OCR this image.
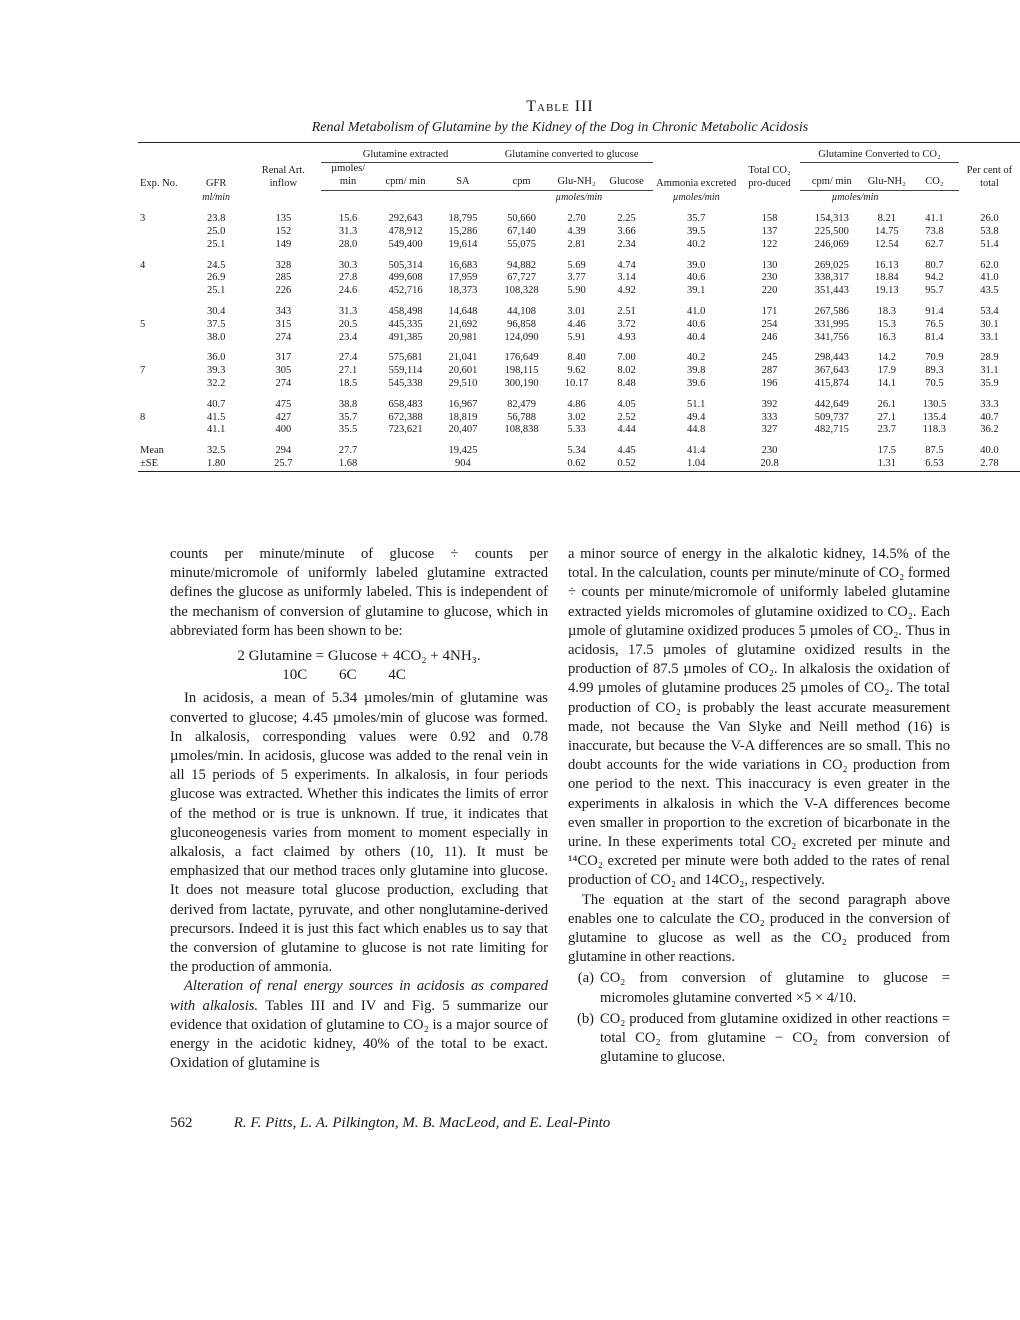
Table III
Renal Metabolism of Glutamine by the Kidney of the Dog in Chronic Metabolic Acidosis
Exp. No.	GFR	Renal Art. inflow	Glutamine extracted			Glutamine converted to glucose			Ammonia excreted	Total CO₂ pro-duced	Glutamine Converted to CO₂			Per cent of total
			µmoles/ min	cpm/ min	SA	cpm	Glu-NH₂	Glucose			cpm/ min	Glu-NH₂	CO₂	
	ml/min						µmoles/min		µmoles/min		µmoles/min			
3	23.8	135	15.6	292,643	18,795	50,660	2.70	2.25	35.7	158	154,313	8.21	41.1	26.0
	25.0	152	31.3	478,912	15,286	67,140	4.39	3.66	39.5	137	225,500	14.75	73.8	53.8
	25.1	149	28.0	549,400	19,614	55,075	2.81	2.34	40.2	122	246,069	12.54	62.7	51.4
4	24.5	328	30.3	505,314	16,683	94,882	5.69	4.74	39.0	130	269,025	16.13	80.7	62.0
	26.9	285	27.8	499,608	17,959	67,727	3.77	3.14	40.6	230	338,317	18.84	94.2	41.0
	25.1	226	24.6	452,716	18,373	108,328	5.90	4.92	39.1	220	351,443	19.13	95.7	43.5
	30.4	343	31.3	458,498	14,648	44,108	3.01	2.51	41.0	171	267,586	18.3	91.4	53.4
5	37.5	315	20.5	445,335	21,692	96,858	4.46	3.72	40.6	254	331,995	15.3	76.5	30.1
	38.0	274	23.4	491,385	20,981	124,090	5.91	4.93	40.4	246	341,756	16.3	81.4	33.1
	36.0	317	27.4	575,681	21,041	176,649	8.40	7.00	40.2	245	298,443	14.2	70.9	28.9
7	39.3	305	27.1	559,114	20,601	198,115	9.62	8.02	39.8	287	367,643	17.9	89.3	31.1
	32.2	274	18.5	545,338	29,510	300,190	10.17	8.48	39.6	196	415,874	14.1	70.5	35.9
	40.7	475	38.8	658,483	16,967	82,479	4.86	4.05	51.1	392	442,649	26.1	130.5	33.3
8	41.5	427	35.7	672,388	18,819	56,788	3.02	2.52	49.4	333	509,737	27.1	135.4	40.7
	41.1	400	35.5	723,621	20,407	108,838	5.33	4.44	44.8	327	482,715	23.7	118.3	36.2
Mean	32.5	294	27.7		19,425		5.34	4.45	41.4	230		17.5	87.5	40.0
±SE	1.80	25.7	1.68		904		0.62	0.52	1.04	20.8		1.31	6.53	2.78

counts per minute/minute of glucose ÷ counts per minute/micromole of uniformly labeled glutamine extracted defines the glucose as uniformly labeled. This is independent of the mechanism of conversion of glutamine to glucose, which in abbreviated form has been shown to be:

2 Glutamine = Glucose + 4CO₂ + 4NH₃.
10C 6C 4C

In acidosis, a mean of 5.34 µmoles/min of glutamine was converted to glucose; 4.45 µmoles/min of glucose was formed. In alkalosis, corresponding values were 0.92 and 0.78 µmoles/min. In acidosis, glucose was added to the renal vein in all 15 periods of 5 experiments. In alkalosis, in four periods glucose was extracted. Whether this indicates the limits of error of the method or is true is unknown. If true, it indicates that gluconeogenesis varies from moment to moment especially in alkalosis, a fact claimed by others (10, 11). It must be emphasized that our method traces only glutamine into glucose. It does not measure total glucose production, excluding that derived from lactate, pyruvate, and other nonglutamine-derived precursors. Indeed it is just this fact which enables us to say that the conversion of glutamine to glucose is not rate limiting for the production of ammonia.

Alteration of renal energy sources in acidosis as compared with alkalosis. Tables III and IV and Fig. 5 summarize our evidence that oxidation of glutamine to CO₂ is a major source of energy in the acidotic kidney, 40% of the total to be exact. Oxidation of glutamine is

a minor source of energy in the alkalotic kidney, 14.5% of the total. In the calculation, counts per minute/minute of CO₂ formed ÷ counts per minute/micromole of uniformly labeled glutamine extracted yields micromoles of glutamine oxidized to CO₂. Each µmole of glutamine oxidized produces 5 µmoles of CO₂. Thus in acidosis, 17.5 µmoles of glutamine oxidized results in the production of 87.5 µmoles of CO₂. In alkalosis the oxidation of 4.99 µmoles of glutamine produces 25 µmoles of CO₂. The total production of CO₂ is probably the least accurate measurement made, not because the Van Slyke and Neill method (16) is inaccurate, but because the V-A differences are so small. This no doubt accounts for the wide variations in CO₂ production from one period to the next. This inaccuracy is even greater in the experiments in alkalosis in which the V-A differences become even smaller in proportion to the excretion of bicarbonate in the urine. In these experiments total CO₂ excreted per minute and ¹⁴CO₂ excreted per minute were both added to the rates of renal production of CO₂ and 14CO₂, respectively.

The equation at the start of the second paragraph above enables one to calculate the CO₂ produced in the conversion of glutamine to glucose as well as the CO₂ produced from glutamine in other reactions.

(a) CO₂ from conversion of glutamine to glucose = micromoles glutamine converted ×5 × 4/10.
(b) CO₂ produced from glutamine oxidized in other reactions = total CO₂ from glutamine − CO₂ from conversion of glutamine to glucose.
562	R. F. Pitts, L. A. Pilkington, M. B. MacLeod, and E. Leal-Pinto
